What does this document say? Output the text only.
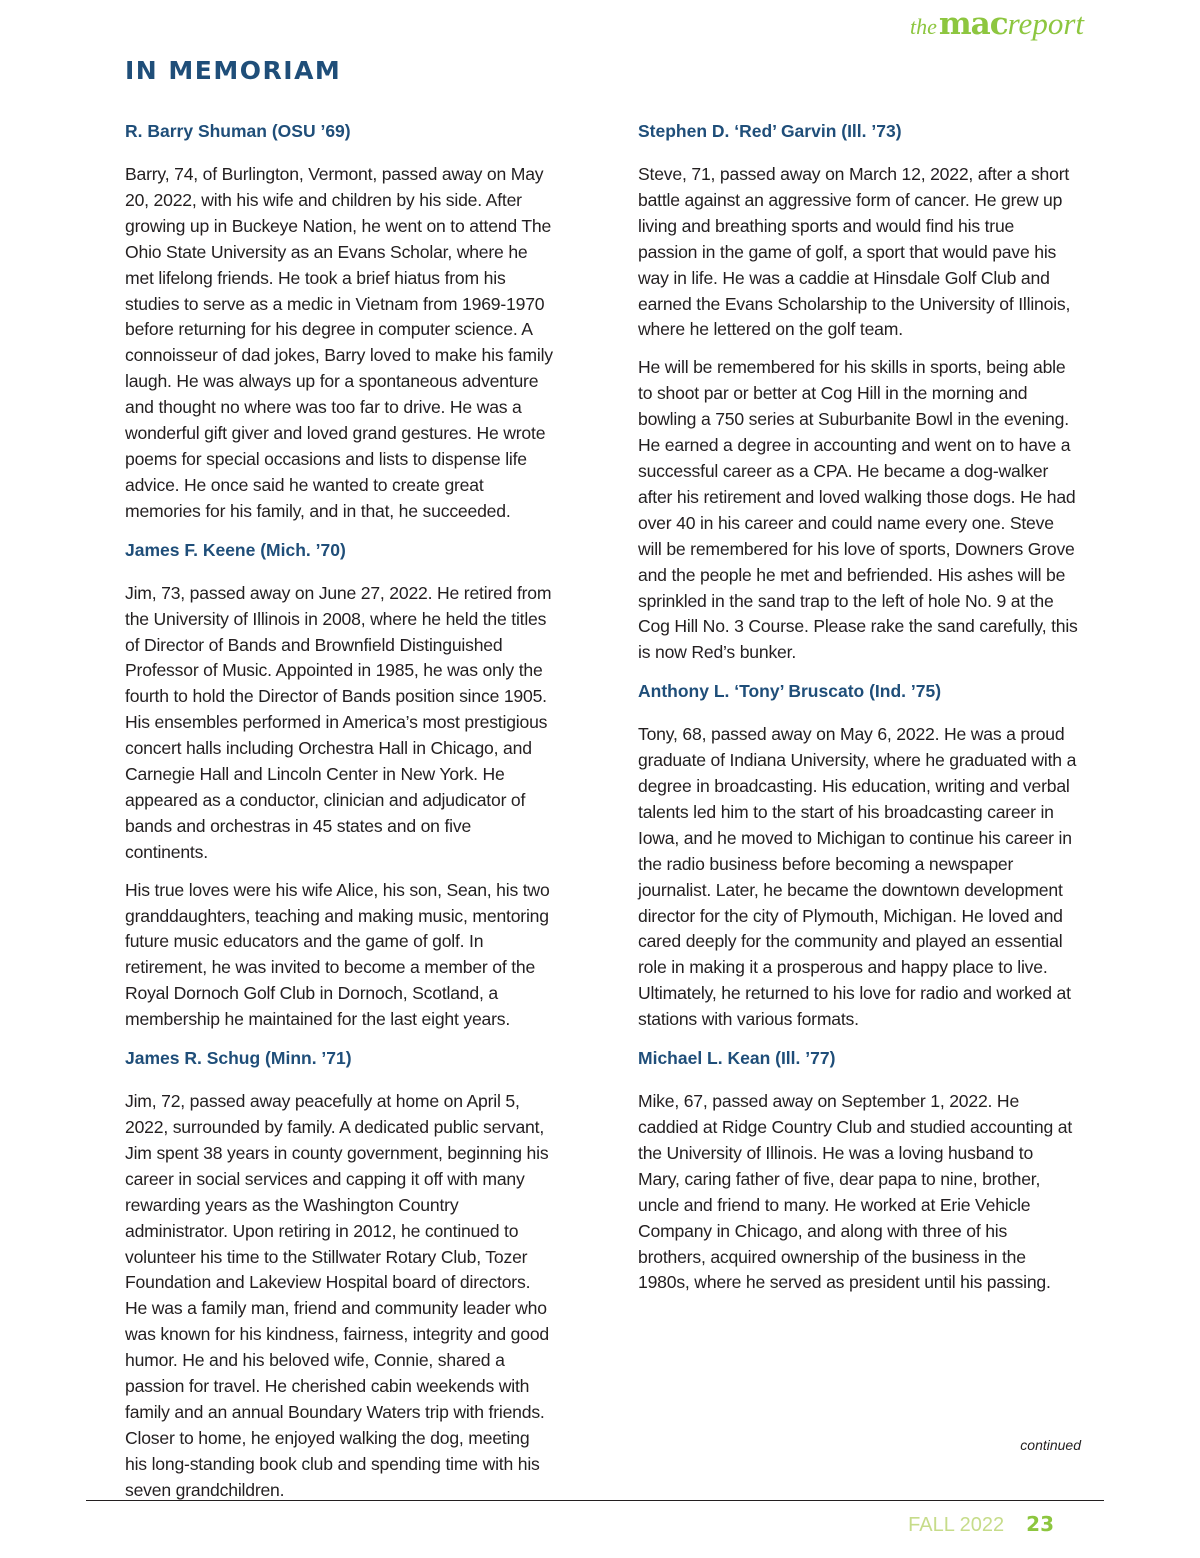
themacreport
IN MEMORIAM
R. Barry Shuman (OSU ’69)

Barry, 74, of Burlington, Vermont, passed away on May 20, 2022, with his wife and children by his side. After growing up in Buckeye Nation, he went on to attend The Ohio State University as an Evans Scholar, where he met lifelong friends. He took a brief hiatus from his studies to serve as a medic in Vietnam from 1969-1970 before returning for his degree in computer science. A connoisseur of dad jokes, Barry loved to make his family laugh. He was always up for a spontaneous adventure and thought no where was too far to drive. He was a wonderful gift giver and loved grand gestures. He wrote poems for special occasions and lists to dispense life advice. He once said he wanted to create great memories for his family, and in that, he succeeded.

James F. Keene (Mich. ’70)

Jim, 73, passed away on June 27, 2022. He retired from the University of Illinois in 2008, where he held the titles of Director of Bands and Brownfield Distinguished Professor of Music. Appointed in 1985, he was only the fourth to hold the Director of Bands position since 1905. His ensembles performed in America’s most prestigious concert halls including Orchestra Hall in Chicago, and Carnegie Hall and Lincoln Center in New York. He appeared as a conductor, clinician and adjudicator of bands and orchestras in 45 states and on five continents.

His true loves were his wife Alice, his son, Sean, his two granddaughters, teaching and making music, mentoring future music educators and the game of golf. In retirement, he was invited to become a member of the Royal Dornoch Golf Club in Dornoch, Scotland, a membership he maintained for the last eight years.

James R. Schug (Minn. ’71)

Jim, 72, passed away peacefully at home on April 5, 2022, surrounded by family. A dedicated public servant, Jim spent 38 years in county government, beginning his career in social services and capping it off with many rewarding years as the Washington Country administrator. Upon retiring in 2012, he continued to volunteer his time to the Stillwater Rotary Club, Tozer Foundation and Lakeview Hospital board of directors. He was a family man, friend and community leader who was known for his kindness, fairness, integrity and good humor. He and his beloved wife, Connie, shared a passion for travel. He cherished cabin weekends with family and an annual Boundary Waters trip with friends. Closer to home, he enjoyed walking the dog, meeting his long-standing book club and spending time with his seven grandchildren.

Stephen D. ‘Red’ Garvin (Ill. ’73)

Steve, 71, passed away on March 12, 2022, after a short battle against an aggressive form of cancer. He grew up living and breathing sports and would find his true passion in the game of golf, a sport that would pave his way in life. He was a caddie at Hinsdale Golf Club and earned the Evans Scholarship to the University of Illinois, where he lettered on the golf team.

He will be remembered for his skills in sports, being able to shoot par or better at Cog Hill in the morning and bowling a 750 series at Suburbanite Bowl in the evening. He earned a degree in accounting and went on to have a successful career as a CPA. He became a dog-walker after his retirement and loved walking those dogs. He had over 40 in his career and could name every one. Steve will be remembered for his love of sports, Downers Grove and the people he met and befriended. His ashes will be sprinkled in the sand trap to the left of hole No. 9 at the Cog Hill No. 3 Course. Please rake the sand carefully, this is now Red’s bunker.

Anthony L. ‘Tony’ Bruscato (Ind. ’75)

Tony, 68, passed away on May 6, 2022. He was a proud graduate of Indiana University, where he graduated with a degree in broadcasting. His education, writing and verbal talents led him to the start of his broadcasting career in Iowa, and he moved to Michigan to continue his career in the radio business before becoming a newspaper journalist. Later, he became the downtown development director for the city of Plymouth, Michigan. He loved and cared deeply for the community and played an essential role in making it a prosperous and happy place to live. Ultimately, he returned to his love for radio and worked at stations with various formats.

Michael L. Kean (Ill. ’77)

Mike, 67, passed away on September 1, 2022. He caddied at Ridge Country Club and studied accounting at the University of Illinois. He was a loving husband to Mary, caring father of five, dear papa to nine, brother, uncle and friend to many. He worked at Erie Vehicle Company in Chicago, and along with three of his brothers, acquired ownership of the business in the 1980s, where he served as president until his passing.

continued
FALL 2022 23
